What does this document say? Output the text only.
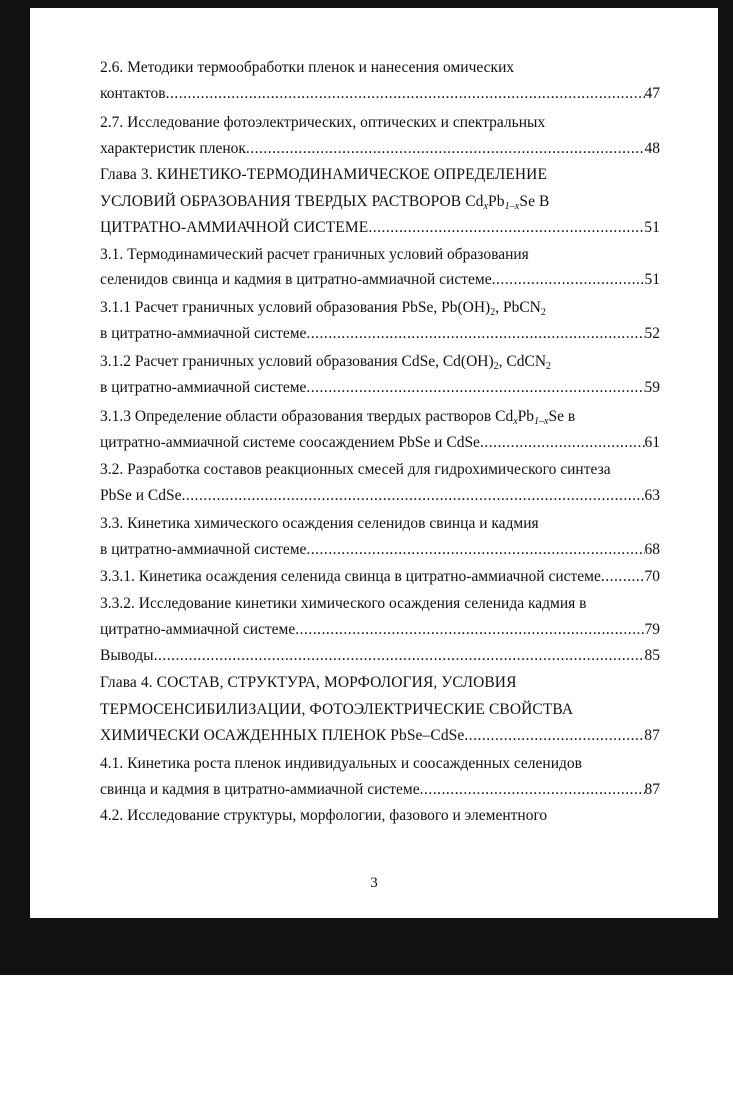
2.6. Методики термообработки пленок и нанесения омических
контактов .....	47
2.7. Исследование фотоэлектрических, оптических и спектральных
характеристик пленок .....	48
Глава 3. КИНЕТИКО-ТЕРМОДИНАМИЧЕСКОЕ ОПРЕДЕЛЕНИЕ
УСЛОВИЙ ОБРАЗОВАНИЯ ТВЕРДЫХ РАСТВОРОВ $Cd_xPb_{1-x}Se$ В
ЦИТРАТНО-АММИАЧНОЙ СИСТЕМЕ .....	51
3.1. Термодинамический расчет граничных условий образования
селенидов свинца и кадмия в цитратно-аммиачной системе .....	51
3.1.1 Расчет граничных условий образования PbSe, $Pb(OH)_2$, PbCN$_2$
в цитратно-аммиачной системе .....	52
3.1.2 Расчет граничных условий образования CdSe, $Cd(OH)_2$, CdCN$_2$
в цитратно-аммиачной системе .....	59
3.1.3 Определение области образования твердых растворов $Cd_xPb_{1-x}Se$ в
цитратно-аммиачной системе соосаждением PbSe и CdSe .....	61
3.2. Разработка составов реакционных смесей для гидрохимического синтеза
PbSe и CdSe .....	63
3.3. Кинетика химического осаждения селенидов свинца и кадмия
в цитратно-аммиачной системе .....	68
3.3.1. Кинетика осаждения селенида свинца в цитратно-аммиачной системе .....	70
3.3.2. Исследование кинетики химического осаждения селенида кадмия в
цитратно-аммиачной системе .....	79
Выводы .....	85
Глава 4. СОСТАВ, СТРУКТУРА, МОРФОЛОГИЯ, УСЛОВИЯ
ТЕРМОСЕНСИБИЛИЗАЦИИ, ФОТОЭЛЕКТРИЧЕСКИЕ СВОЙСТВА
ХИМИЧЕСКИ ОСАЖДЕННЫХ ПЛЕНОК PbSe–CdSe .....	87
4.1. Кинетика роста пленок индивидуальных и соосажденных селенидов
свинца и кадмия в цитратно-аммиачной системе .....	87
4.2. Исследование структуры, морфологии, фазового и элементного
3
